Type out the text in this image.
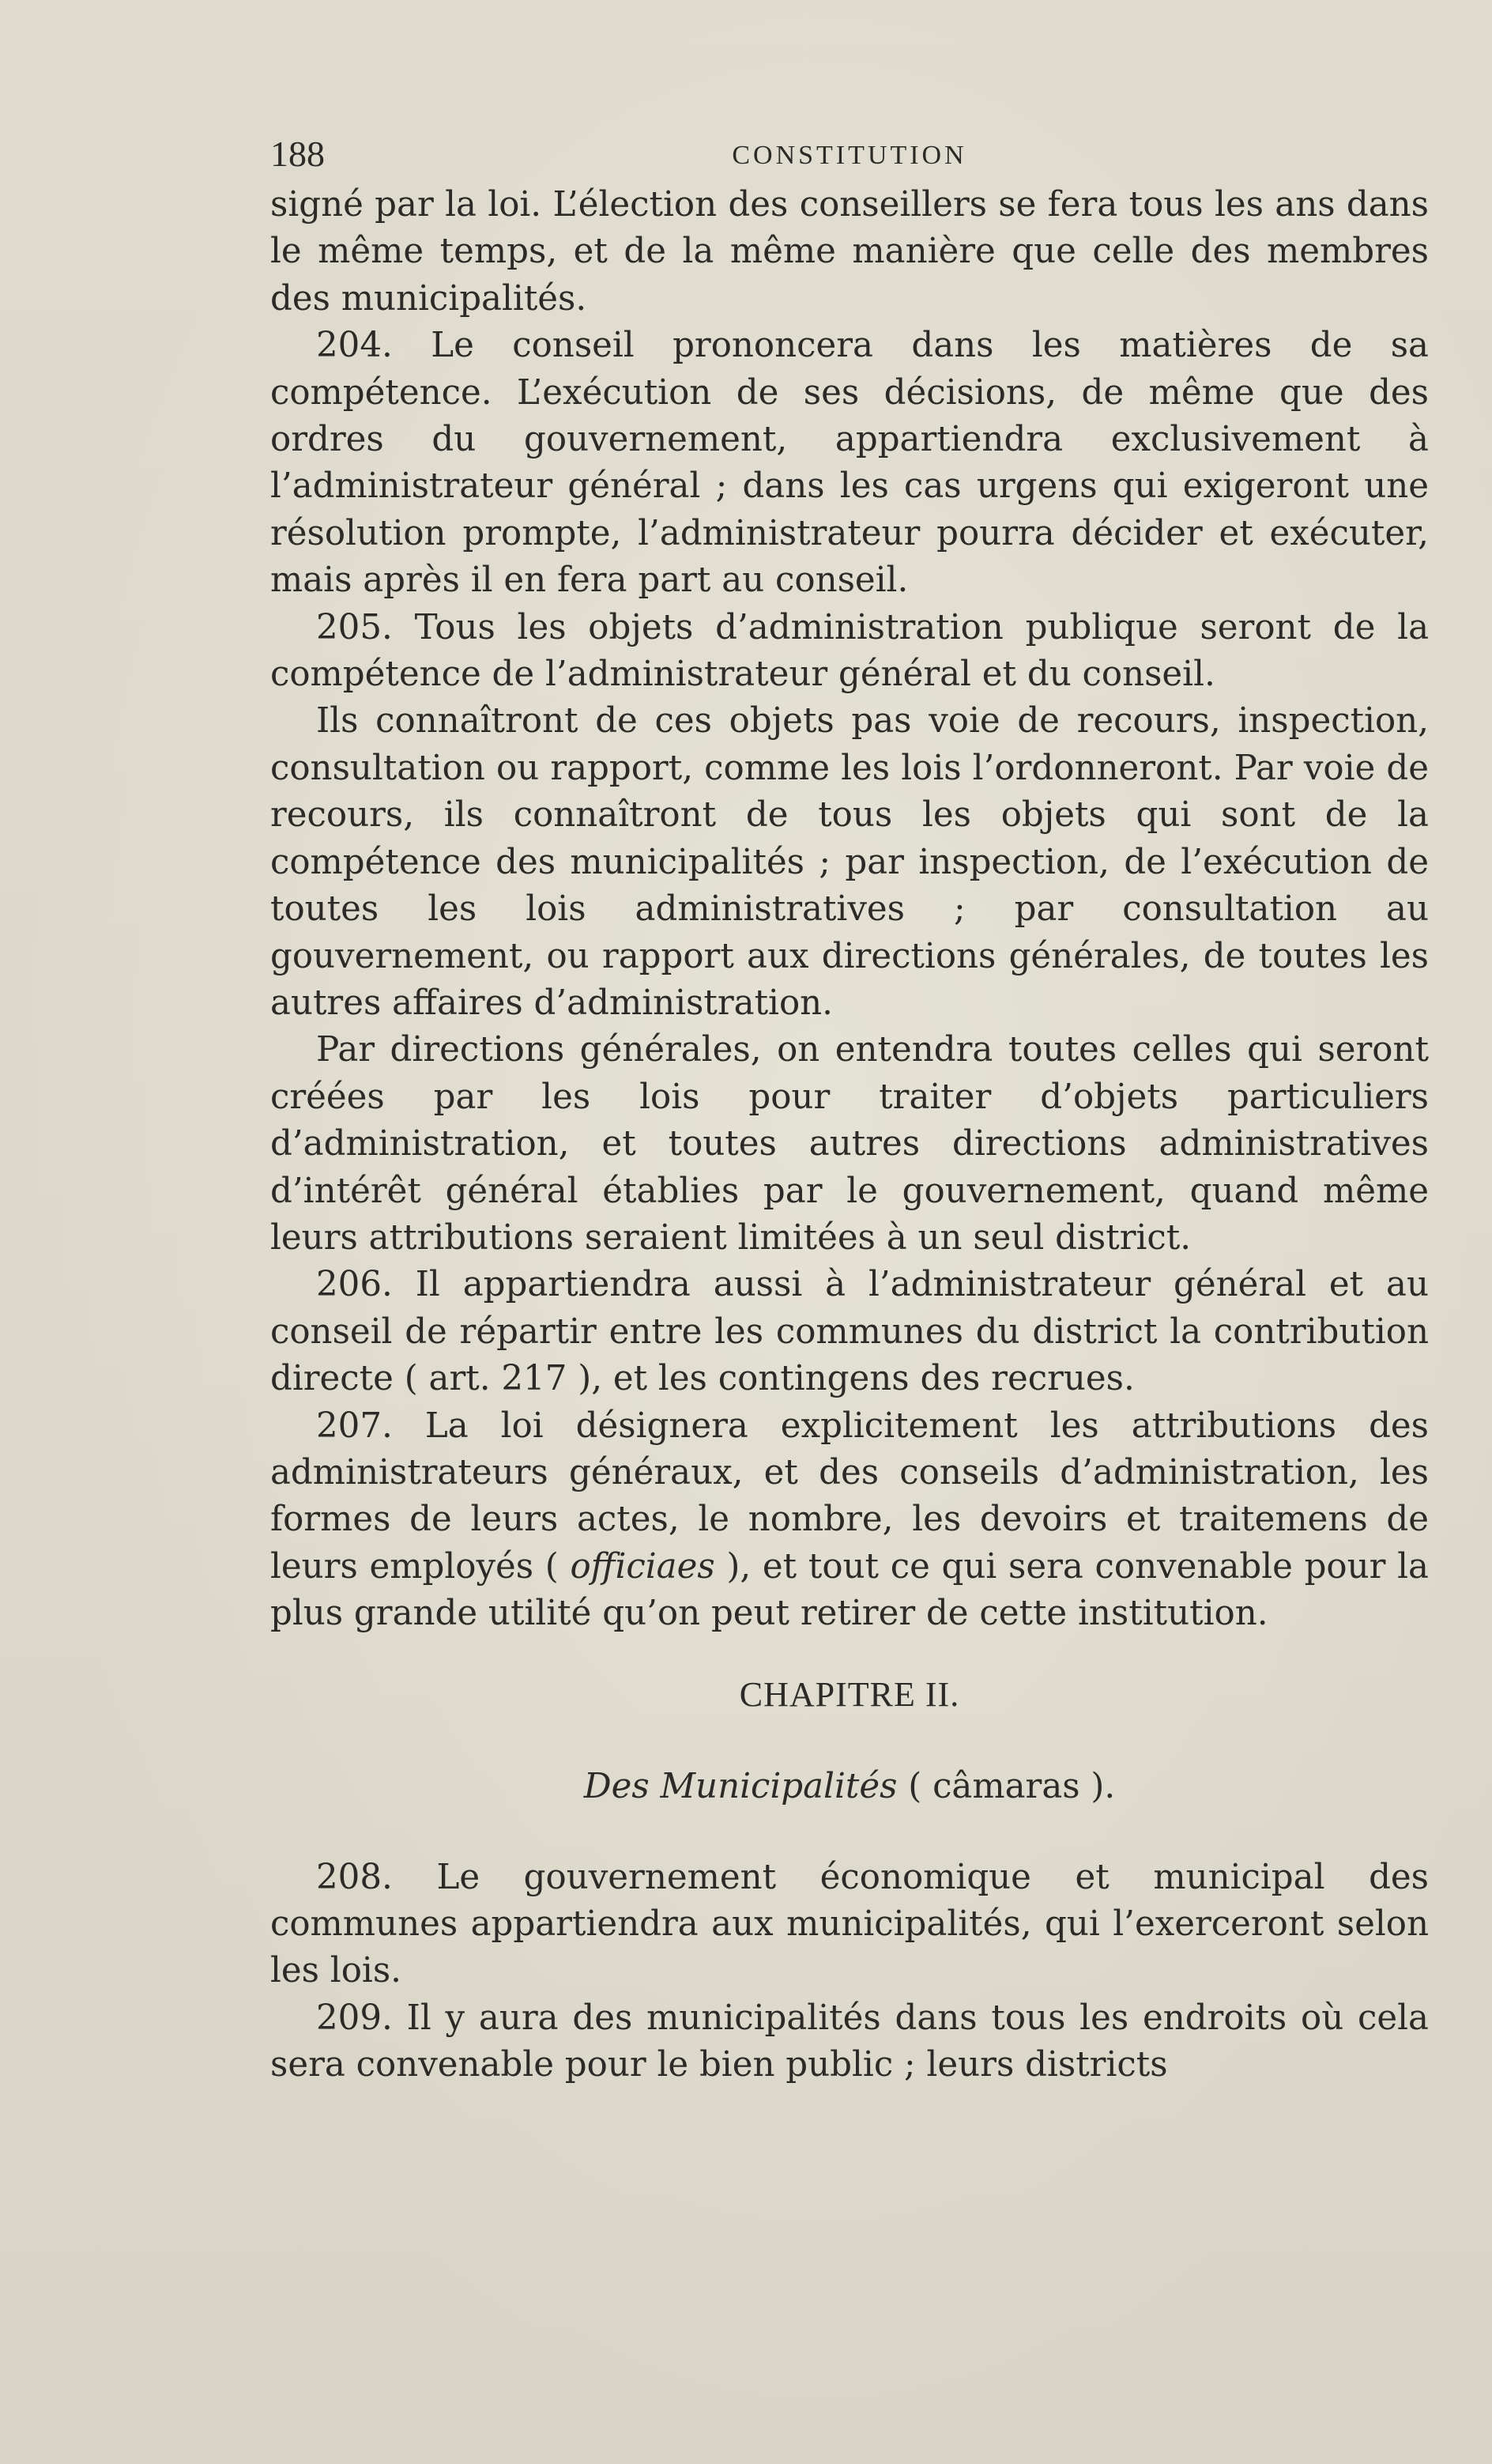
188	CONSTITUTION

signé par la loi. L’élection des conseillers se fera tous les ans dans le même temps, et de la même manière que celle des membres des municipalités.

204. Le conseil prononcera dans les matières de sa compétence. L’exécution de ses décisions, de même que des ordres du gouvernement, appartiendra exclusivement à l’administrateur général ; dans les cas urgens qui exigeront une résolution prompte, l’administrateur pourra décider et exécuter, mais après il en fera part au conseil.

205. Tous les objets d’administration publique seront de la compétence de l’administrateur général et du conseil.

Ils connaîtront de ces objets pas voie de recours, inspection, consultation ou rapport, comme les lois l’ordonneront. Par voie de recours, ils connaîtront de tous les objets qui sont de la compétence des municipalités ; par inspection, de l’exécution de toutes les lois administratives ; par consultation au gouvernement, ou rapport aux directions générales, de toutes les autres affaires d’administration.

Par directions générales, on entendra toutes celles qui seront créées par les lois pour traiter d’objets particuliers d’administration, et toutes autres directions administratives d’intérêt général établies par le gouvernement, quand même leurs attributions seraient limitées à un seul district.

206. Il appartiendra aussi à l’administrateur général et au conseil de répartir entre les communes du district la contribution directe ( art. 217 ), et les contingens des recrues.

207. La loi désignera explicitement les attributions des administrateurs généraux, et des conseils d’administration, les formes de leurs actes, le nombre, les devoirs et traitemens de leurs employés ( officiaes ), et tout ce qui sera convenable pour la plus grande utilité qu’on peut retirer de cette institution.

CHAPITRE II.
Des Municipalités ( câmaras ).

208. Le gouvernement économique et municipal des communes appartiendra aux municipalités, qui l’exerceront selon les lois.

209. Il y aura des municipalités dans tous les endroits où cela sera convenable pour le bien public ; leurs districts
